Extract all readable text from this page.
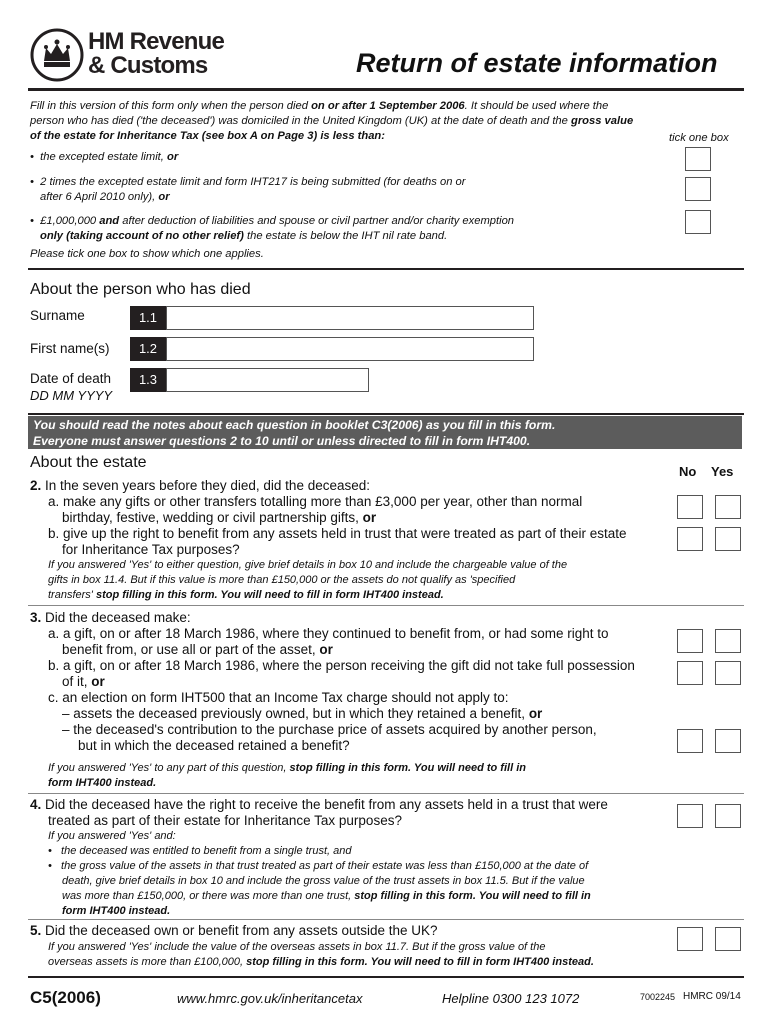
HM Revenue
& Customs	Return of estate information
Fill in this version of this form only when the person died on or after 1 September 2006. It should be used where the
person who has died ('the deceased') was domiciled in the United Kingdom (UK) at the date of death and the gross value
of the estate for Inheritance Tax (see box A on Page 3) is less than:	tick one box
•  the excepted estate limit, or
•  2 times the excepted estate limit and form IHT217 is being submitted (for deaths on or
after 6 April 2010 only), or
•  £1,000,000 and after deduction of liabilities and spouse or civil partner and/or charity exemption
only (taking account of no other relief) the estate is below the IHT nil rate band.
Please tick one box to show which one applies.
About the person who has died
Surname	1.1
First name(s)	1.2
Date of death
DD MM YYYY
1.3
You should read the notes about each question in booklet C3(2006) as you fill in this form.
Everyone must answer questions 2 to 10 until or unless directed to fill in form IHT400.
About the estate
No Yes
2. In the seven years before they died, did the deceased:
a. make any gifts or other transfers totalling more than £3,000 per year, other than normal
birthday, festive, wedding or civil partnership gifts, or
b. give up the right to benefit from any assets held in trust that were treated as part of their estate
for Inheritance Tax purposes?
If you answered 'Yes' to either question, give brief details in box 10 and include the chargeable value of the
gifts in box 11.4. But if this value is more than £150,000 or the assets do not qualify as 'specified
transfers' stop filling in this form. You will need to fill in form IHT400 instead.
3. Did the deceased make:
a. a gift, on or after 18 March 1986, where they continued to benefit from, or had some right to
benefit from, or use all or part of the asset, or
b. a gift, on or after 18 March 1986, where the person receiving the gift did not take full possession
of it, or
c. an election on form IHT500 that an Income Tax charge should not apply to:
– assets the deceased previously owned, but in which they retained a benefit, or
– the deceased's contribution to the purchase price of assets acquired by another person,
but in which the deceased retained a benefit?
If you answered 'Yes' to any part of this question, stop filling in this form. You will need to fill in
form IHT400 instead.
4. Did the deceased have the right to receive the benefit from any assets held in a trust that were
treated as part of their estate for Inheritance Tax purposes?
If you answered 'Yes' and:
•   the deceased was entitled to benefit from a single trust, and
•   the gross value of the assets in that trust treated as part of their estate was less than £150,000 at the date of
death, give brief details in box 10 and include the gross value of the trust assets in box 11.5. But if the value
was more than £150,000, or there was more than one trust, stop filling in this form. You will need to fill in
form IHT400 instead.
5. Did the deceased own or benefit from any assets outside the UK?
If you answered 'Yes' include the value of the overseas assets in box 11.7. But if the gross value of the
overseas assets is more than £100,000, stop filling in this form. You will need to fill in form IHT400 instead.
C5(2006)	www.hmrc.gov.uk/inheritancetax	Helpline 0300 123 1072	7002245 HMRC 09/14
